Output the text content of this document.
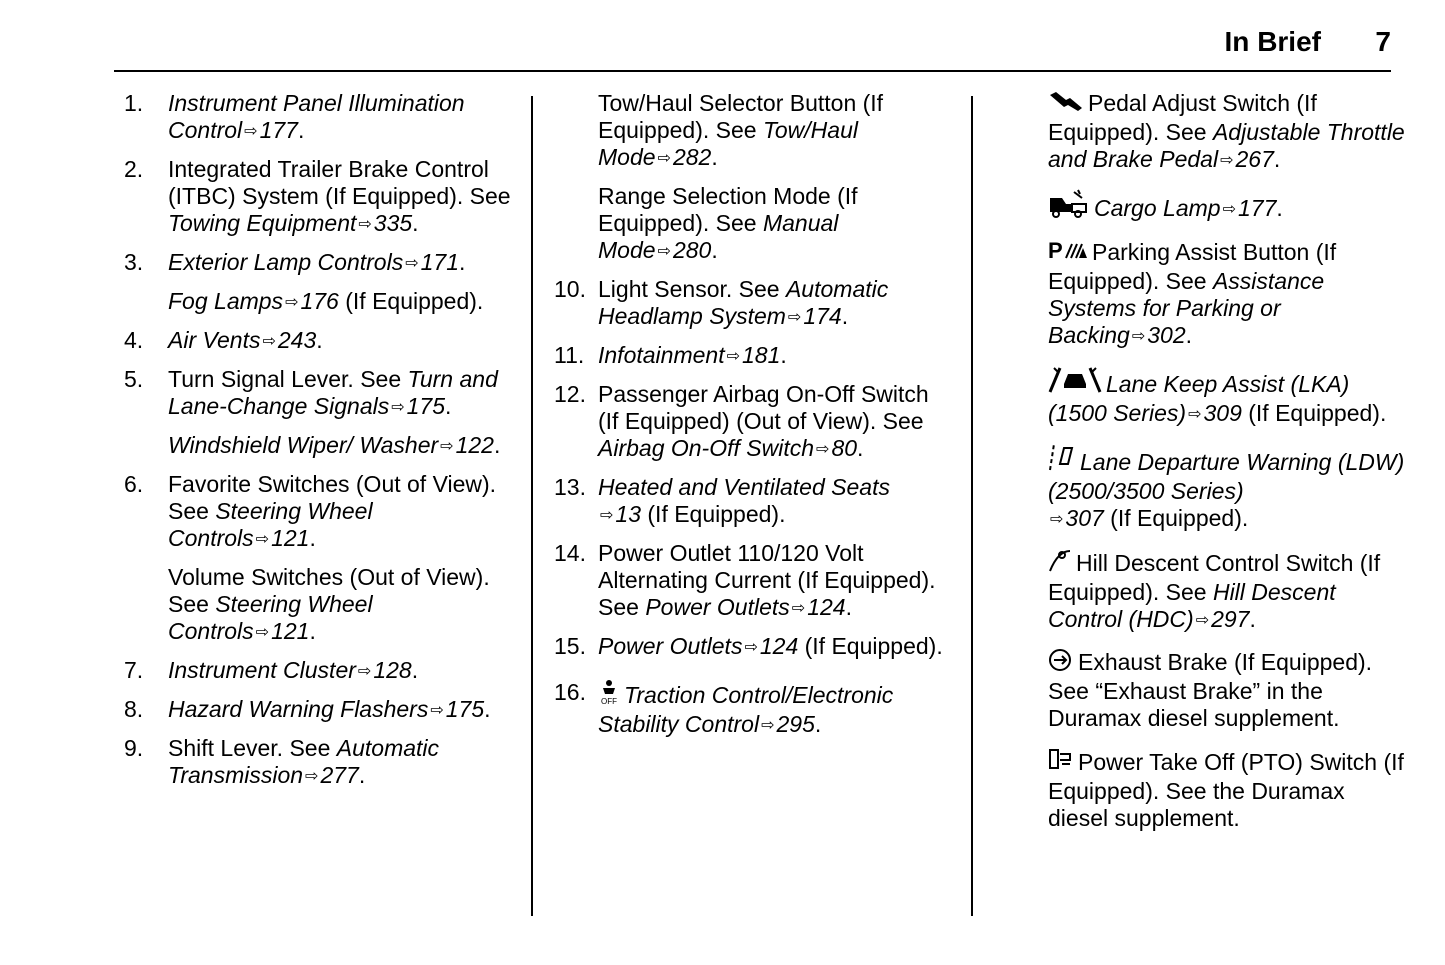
In Brief 7
1. Instrument Panel Illumination Control ⇨177.
2. Integrated Trailer Brake Control (ITBC) System (If Equipped). See Towing Equipment ⇨335.
3. Exterior Lamp Controls ⇨171.
Fog Lamps ⇨176 (If Equipped).
4. Air Vents ⇨243.
5. Turn Signal Lever. See Turn and Lane-Change Signals ⇨175.
Windshield Wiper/ Washer ⇨122.
6. Favorite Switches (Out of View). See Steering Wheel Controls ⇨121.
Volume Switches (Out of View). See Steering Wheel Controls ⇨121.
7. Instrument Cluster ⇨128.
8. Hazard Warning Flashers ⇨175.
9. Shift Lever. See Automatic Transmission ⇨277.
Tow/Haul Selector Button (If Equipped). See Tow/Haul Mode ⇨282.
Range Selection Mode (If Equipped). See Manual Mode ⇨280.
10. Light Sensor. See Automatic Headlamp System ⇨174.
11. Infotainment ⇨181.
12. Passenger Airbag On-Off Switch (If Equipped) (Out of View). See Airbag On-Off Switch ⇨80.
13. Heated and Ventilated Seats
⇨13 (If Equipped).
14. Power Outlet 110/120 Volt Alternating Current (If Equipped). See Power Outlets ⇨124.
15. Power Outlets ⇨124 (If Equipped).
16. OFF Traction Control/Electronic Stability Control ⇨295.
Pedal Adjust Switch (If Equipped). See Adjustable Throttle and Brake Pedal ⇨267.
Cargo Lamp ⇨177.
P Parking Assist Button (If Equipped). See Assistance Systems for Parking or Backing ⇨302.
Lane Keep Assist (LKA) (1500 Series) ⇨309 (If Equipped).
Lane Departure Warning (LDW) (2500/3500 Series)
⇨307 (If Equipped).
Hill Descent Control Switch (If Equipped). See Hill Descent Control (HDC) ⇨297.
Exhaust Brake (If Equipped). See “Exhaust Brake” in the Duramax diesel supplement.
Power Take Off (PTO) Switch (If Equipped). See the Duramax diesel supplement.
